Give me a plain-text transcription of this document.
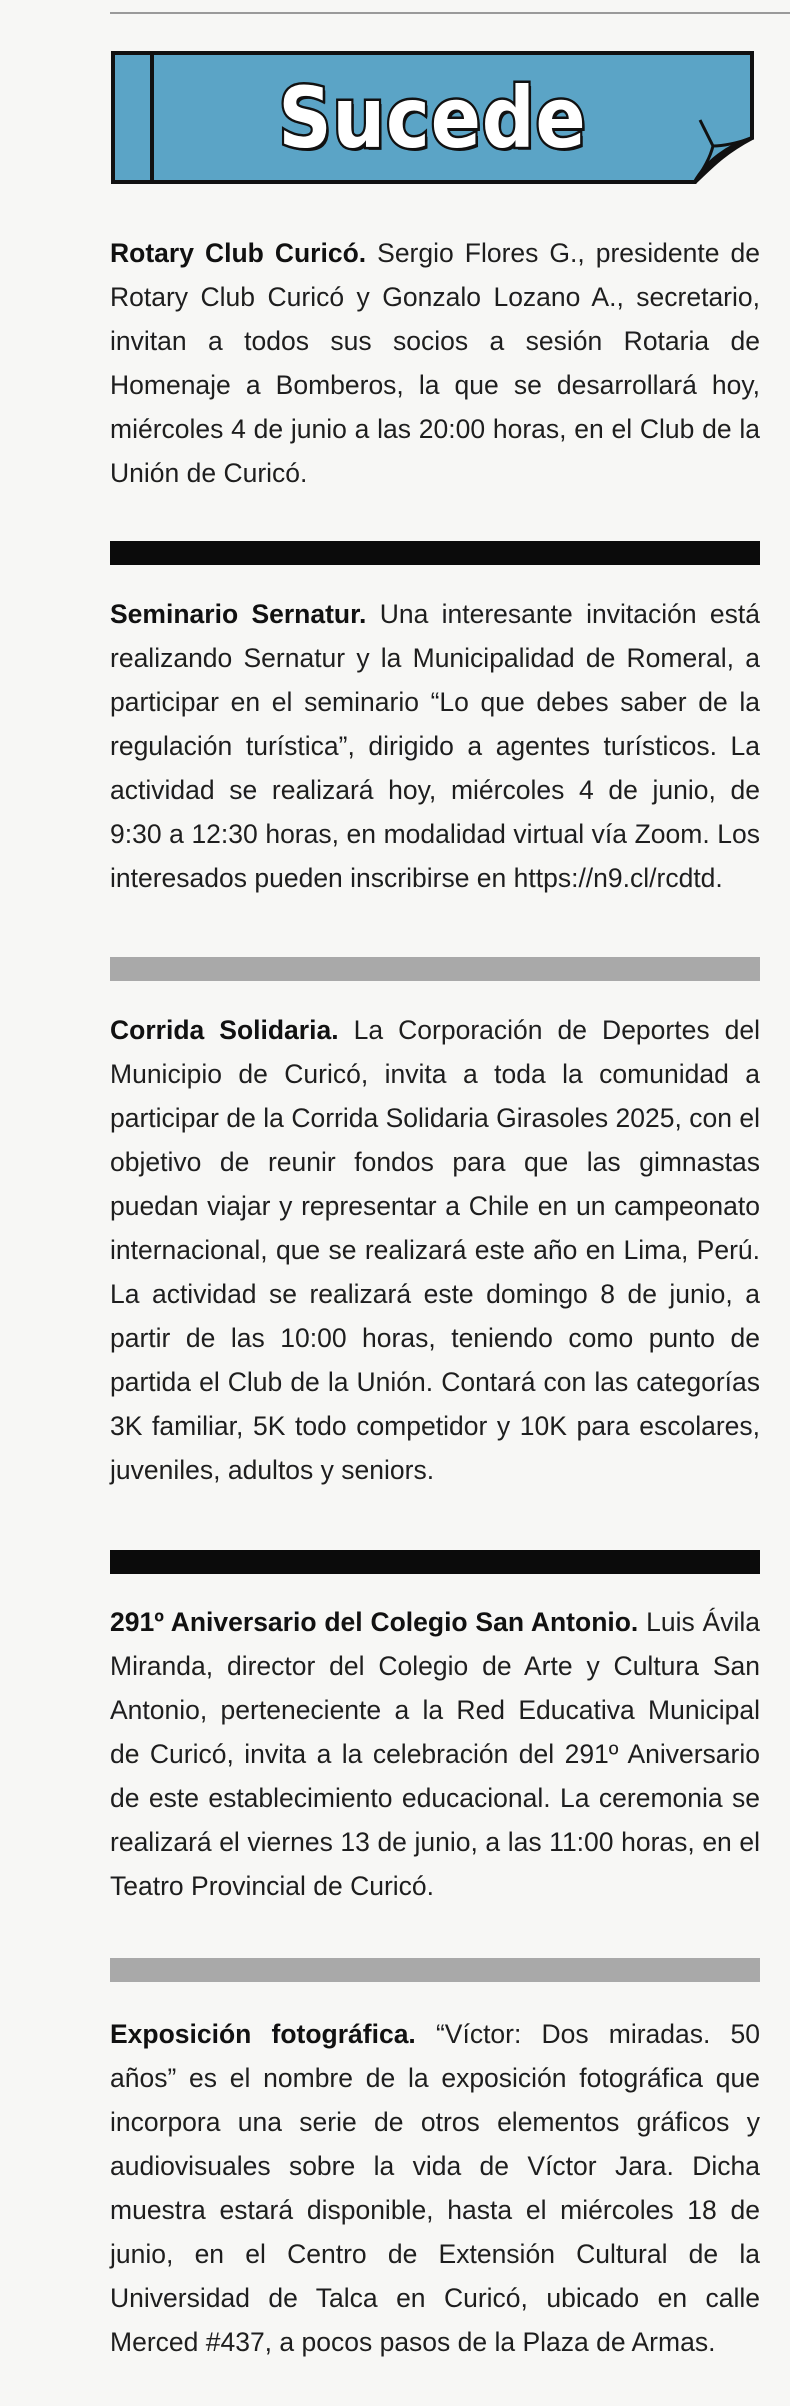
Sucede
Rotary Club Curicó. Sergio Flores G., presidente de Rotary Club Curicó y Gonzalo Lozano A., secretario, invitan a todos sus socios a sesión Rotaria de Homenaje a Bomberos, la que se desarrollará hoy, miércoles 4 de junio a las 20:00 horas, en el Club de la Unión de Curicó.
Seminario Sernatur. Una interesante invitación está realizando Sernatur y la Municipalidad de Romeral, a participar en el seminario “Lo que debes saber de la regulación turística”, dirigido a agentes turísticos. La actividad se realizará hoy, miércoles 4 de junio, de 9:30 a 12:30 horas, en modalidad virtual vía Zoom. Los interesados pueden inscribirse en https://n9.cl/rcdtd.
Corrida Solidaria. La Corporación de Deportes del Municipio de Curicó, invita a toda la comunidad a participar de la Corrida Solidaria Girasoles 2025, con el objetivo de reunir fondos para que las gimnastas puedan viajar y representar a Chile en un campeonato internacional, que se realizará este año en Lima, Perú. La actividad se realizará este domingo 8 de junio, a partir de las 10:00 horas, teniendo como punto de partida el Club de la Unión. Contará con las categorías 3K familiar, 5K todo competidor y 10K para escolares, juveniles, adultos y seniors.
291º Aniversario del Colegio San Antonio. Luis Ávila Miranda, director del Colegio de Arte y Cultura San Antonio, perteneciente a la Red Educativa Municipal de Curicó, invita a la celebración del 291º Aniversario de este establecimiento educacional. La ceremonia se realizará el viernes 13 de junio, a las 11:00 horas, en el Teatro Provincial de Curicó.
Exposición fotográfica. “Víctor: Dos miradas. 50 años” es el nombre de la exposición fotográfica que incorpora una serie de otros elementos gráficos y audiovisuales sobre la vida de Víctor Jara. Dicha muestra estará disponible, hasta el miércoles 18 de junio, en el Centro de Extensión Cultural de la Universidad de Talca en Curicó, ubicado en calle Merced #437, a pocos pasos de la Plaza de Armas.
